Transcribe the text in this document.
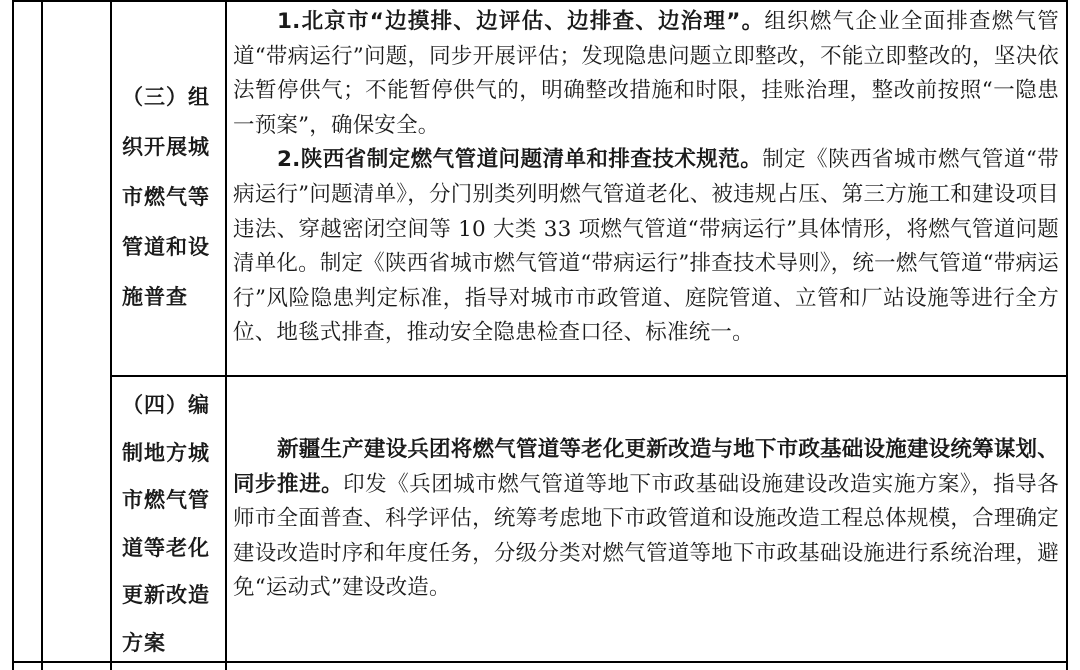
（三）组
织开展城
市燃气等
管道和设
施普查

1.北京市“边摸排、边评估、边排查、边治理”。组织燃气企业全面排查燃气管道“带病运行”问题，同步开展评估；发现隐患问题立即整改，不能立即整改的，坚决依法暂停供气；不能暂停供气的，明确整改措施和时限，挂账治理，整改前按照“一隐患一预案”，确保安全。

2.陕西省制定燃气管道问题清单和排查技术规范。制定《陕西省城市燃气管道“带病运行”问题清单》，分门别类列明燃气管道老化、被违规占压、第三方施工和建设项目违法、穿越密闭空间等 10 大类 33 项燃气管道“带病运行”具体情形，将燃气管道问题清单化。制定《陕西省城市燃气管道“带病运行”排查技术导则》，统一燃气管道“带病运行”风险隐患判定标准，指导对城市市政管道、庭院管道、立管和厂站设施等进行全方位、地毯式排查，推动安全隐患检查口径、标准统一。

（四）编
制地方城
市燃气管
道等老化
更新改造
方案

新疆生产建设兵团将燃气管道等老化更新改造与地下市政基础设施建设统筹谋划、同步推进。印发《兵团城市燃气管道等地下市政基础设施建设改造实施方案》，指导各师市全面普查、科学评估，统筹考虑地下市政管道和设施改造工程总体规模，合理确定建设改造时序和年度任务，分级分类对燃气管道等地下市政基础设施进行系统治理，避免“运动式”建设改造。
